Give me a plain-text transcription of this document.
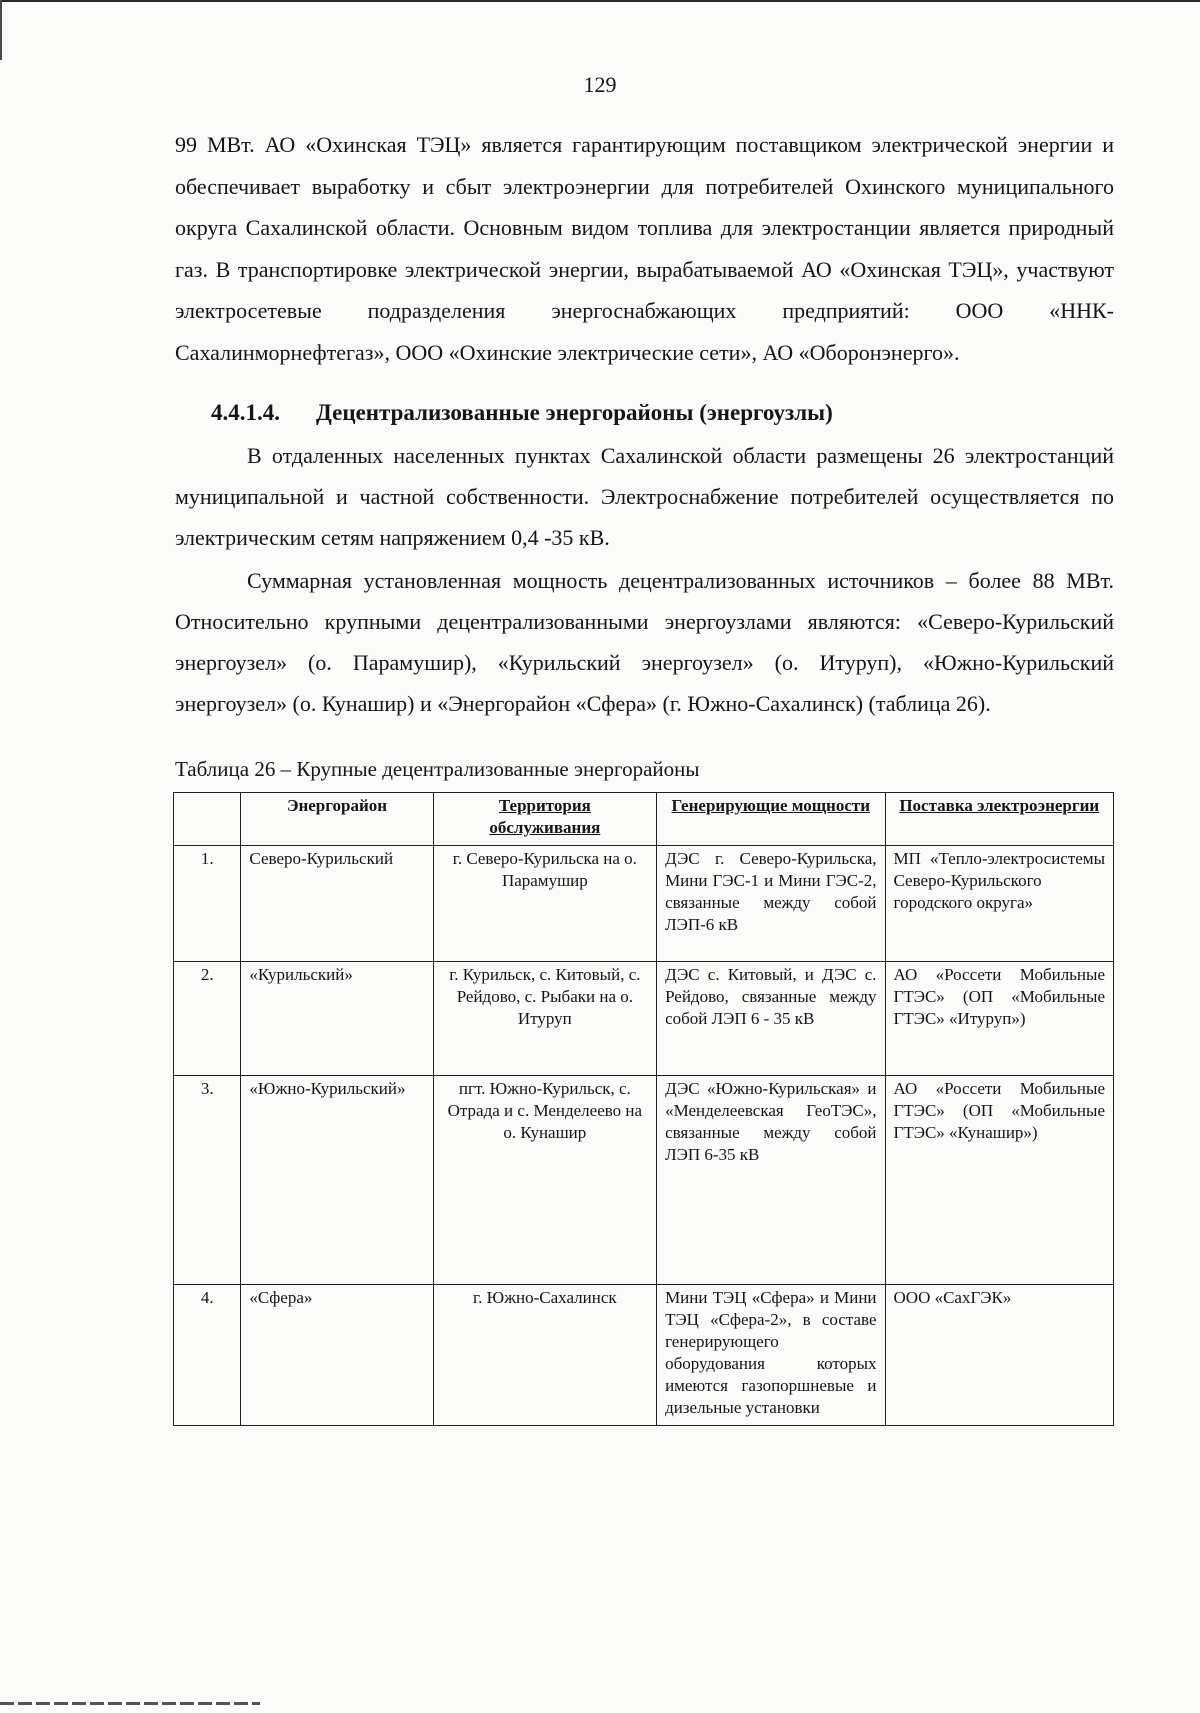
129

99 МВт. АО «Охинская ТЭЦ» является гарантирующим поставщиком электрической энергии и обеспечивает выработку и сбыт электроэнергии для потребителей Охинского муниципального округа Сахалинской области. Основным видом топлива для электростанции является природный газ. В транспортировке электрической энергии, вырабатываемой АО «Охинская ТЭЦ», участвуют электросетевые подразделения энергоснабжающих предприятий: ООО «ННК-Сахалинморнефтегаз», ООО «Охинские электрические сети», АО «Оборонэнерго».

4.4.1.4.	Децентрализованные энергорайоны (энергоузлы)

В отдаленных населенных пунктах Сахалинской области размещены 26 электростанций муниципальной и частной собственности. Электроснабжение потребителей осуществляется по электрическим сетям напряжением 0,4 -35 кВ.

Суммарная установленная мощность децентрализованных источников – более 88 МВт. Относительно крупными децентрализованными энергоузлами являются: «Северо-Курильский энергоузел» (о. Парамушир), «Курильский энергоузел» (о. Итуруп), «Южно-Курильский энергоузел» (о. Кунашир) и «Энергорайон «Сфера» (г. Южно-Сахалинск) (таблица 26).

Таблица 26 – Крупные децентрализованные энергорайоны
	Энергорайон	Территория обслуживания	Генерирующие мощности	Поставка электроэнергии
1.	Северо-Курильский	г. Северо-Курильска на о. Парамушир	ДЭС г. Северо-Курильска, Мини ГЭС-1 и Мини ГЭС-2, связанные между собой ЛЭП-6 кВ	МП «Тепло-электросистемы Северо-Курильского городского округа»
2.	«Курильский»	г. Курильск, с. Китовый, с. Рейдово, с. Рыбаки на о. Итуруп	ДЭС с. Китовый, и ДЭС с. Рейдово, связанные между собой ЛЭП 6 - 35 кВ	АО «Россети Мобильные ГТЭС» (ОП «Мобильные ГТЭС» «Итуруп»)
3.	«Южно-Курильский»	пгт. Южно-Курильск, с. Отрада и с. Менделеево на о. Кунашир	ДЭС «Южно-Курильская» и «Менделеевская ГеоТЭС», связанные между собой ЛЭП 6-35 кВ	АО «Россети Мобильные ГТЭС» (ОП «Мобильные ГТЭС» «Кунашир»)
4.	«Сфера»	г. Южно-Сахалинск	Мини ТЭЦ «Сфера» и Мини ТЭЦ «Сфера-2», в составе генерирующего оборудования которых имеются газопоршневые и дизельные установки	ООО «СахГЭК»
